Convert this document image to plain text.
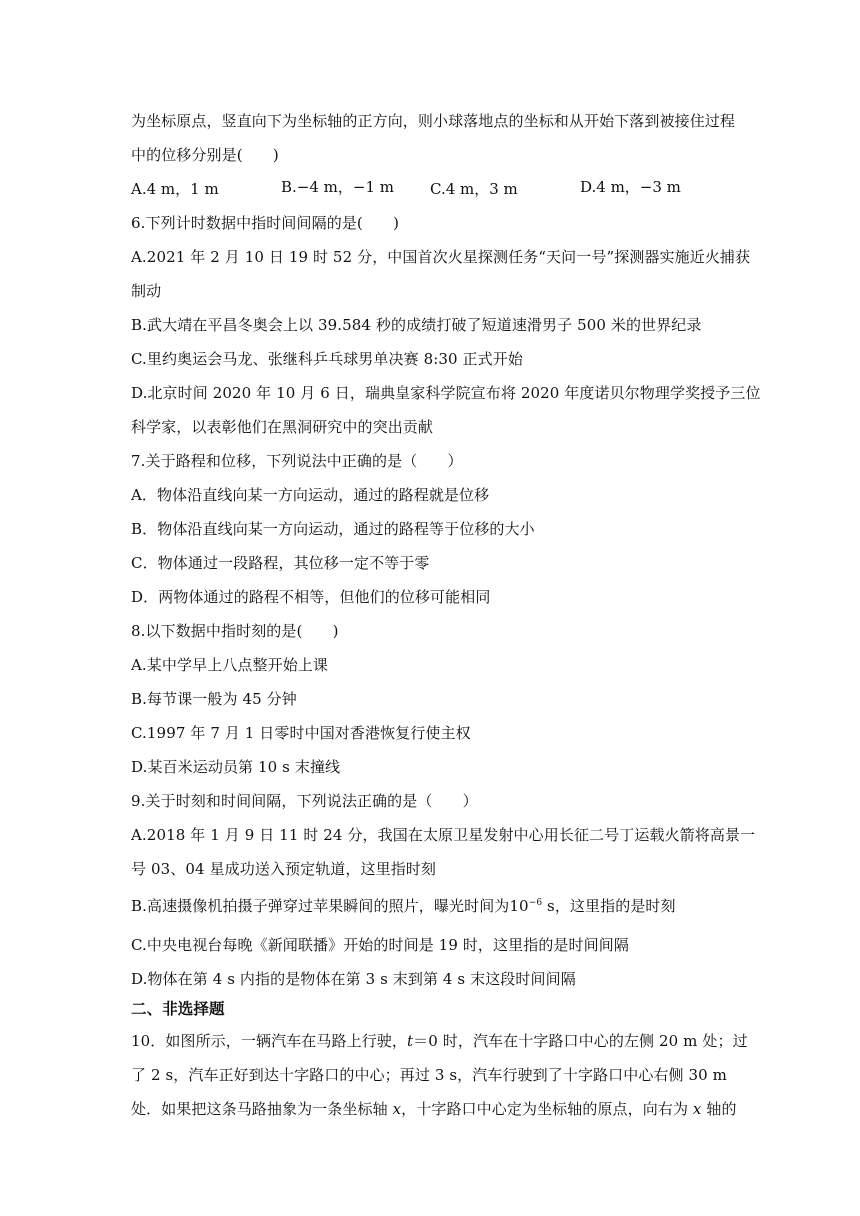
为坐标原点，竖直向下为坐标轴的正方向，则小球落地点的坐标和从开始下落到被接住过程
中的位移分别是(　　)
A.4 m，1 m	B.−4 m，−1 m C.4 m，3 m	D.4 m，−3 m
6.下列计时数据中指时间间隔的是(　　)
A.2021 年 2 月 10 日 19 时 52 分，中国首次火星探测任务“天问一号”探测器实施近火捕获
制动
B.武大靖在平昌冬奥会上以 39.584 秒的成绩打破了短道速滑男子 500 米的世界纪录
C.里约奥运会马龙、张继科乒乓球男单决赛 8:30 正式开始
D.北京时间 2020 年 10 月 6 日，瑞典皇家科学院宣布将 2020 年度诺贝尔物理学奖授予三位
科学家，以表彰他们在黑洞研究中的突出贡献
7.关于路程和位移，下列说法中正确的是（　　）
A．物体沿直线向某一方向运动，通过的路程就是位移
B．物体沿直线向某一方向运动，通过的路程等于位移的大小
C．物体通过一段路程，其位移一定不等于零
D．两物体通过的路程不相等，但他们的位移可能相同
8.以下数据中指时刻的是(　　)
A.某中学早上八点整开始上课
B.每节课一般为 45 分钟
C.1997 年 7 月 1 日零时中国对香港恢复行使主权
D.某百米运动员第 10 s 末撞线
9.关于时刻和时间间隔，下列说法正确的是（　　）
A.2018 年 1 月 9 日 11 时 24 分，我国在太原卫星发射中心用长征二号丁运载火箭将高景一
号 03、04 星成功送入预定轨道，这里指时刻
B.高速摄像机拍摄子弹穿过苹果瞬间的照片，曝光时间为$10^{-6}$ s，这里指的是时刻
C.中央电视台每晚《新闻联播》开始的时间是 19 时，这里指的是时间间隔
D.物体在第 4 s 内指的是物体在第 3 s 末到第 4 s 末这段时间间隔
二、非选择题
10．如图所示，一辆汽车在马路上行驶，t＝0 时，汽车在十字路口中心的左侧 20 m 处；过
了 2 s，汽车正好到达十字路口的中心；再过 3 s，汽车行驶到了十字路口中心右侧 30 m
处．如果把这条马路抽象为一条坐标轴 x，十字路口中心定为坐标轴的原点，向右为 x 轴的
